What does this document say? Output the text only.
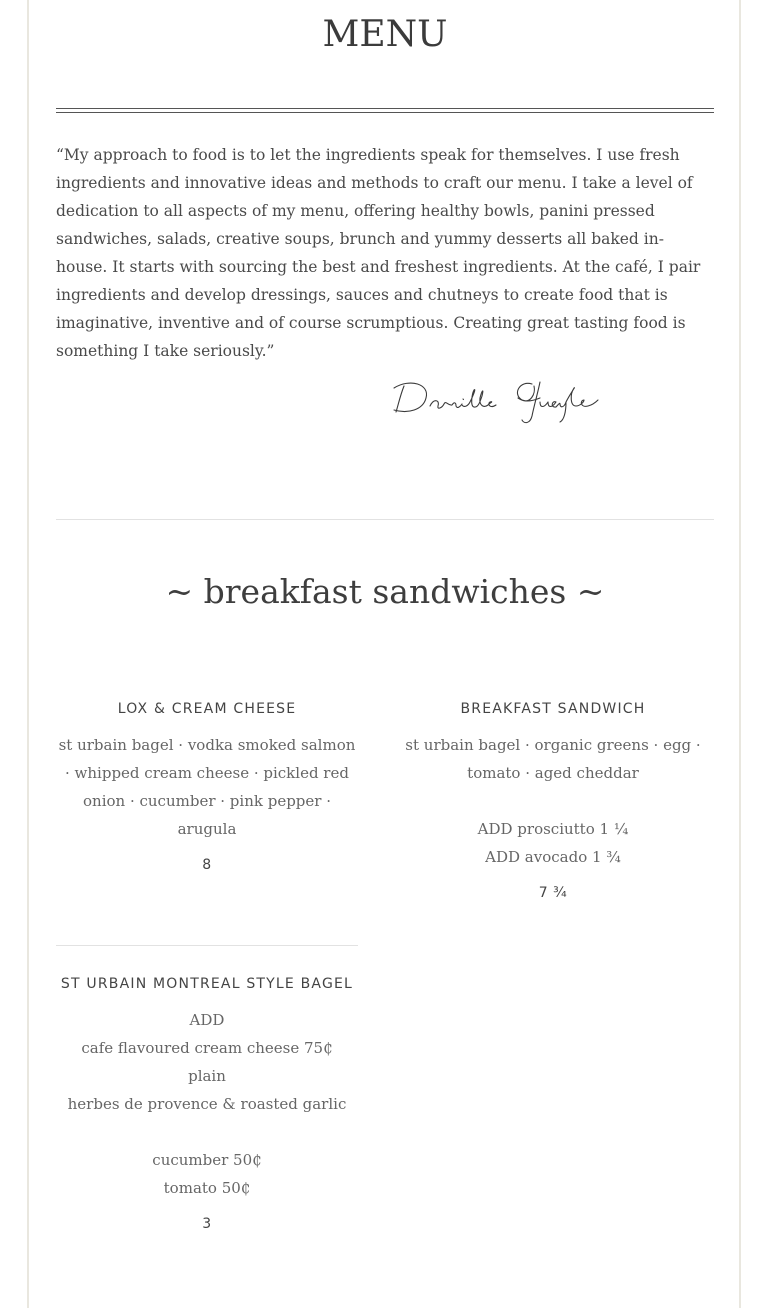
MENU

“My approach to food is to let the ingredients speak for themselves. I use fresh ingredients and innovative ideas and methods to craft our menu. I take a level of dedication to all aspects of my menu, offering healthy bowls, panini pressed sandwiches, salads, creative soups, brunch and yummy desserts all baked in-house. It starts with sourcing the best and freshest ingredients. At the café, I pair ingredients and develop dressings, sauces and chutneys to create food that is imaginative, inventive and of course scrumptious. Creating great tasting food is something I take seriously.”

~ breakfast sandwiches ~
LOX & CREAM CHEESE

st urbain bagel · vodka smoked salmon
· whipped cream cheese · pickled red
onion · cucumber · pink pepper ·
arugula

8
BREAKFAST SANDWICH

st urbain bagel · organic greens · egg ·
tomato · aged cheddar
ADD prosciutto 1 ¼
ADD avocado 1 ¾

7 ¾
ST URBAIN MONTREAL STYLE BAGEL

ADD
cafe flavoured cream cheese 75₵
plain
herbes de provence & roasted garlic
cucumber 50₵
tomato 50₵

3
